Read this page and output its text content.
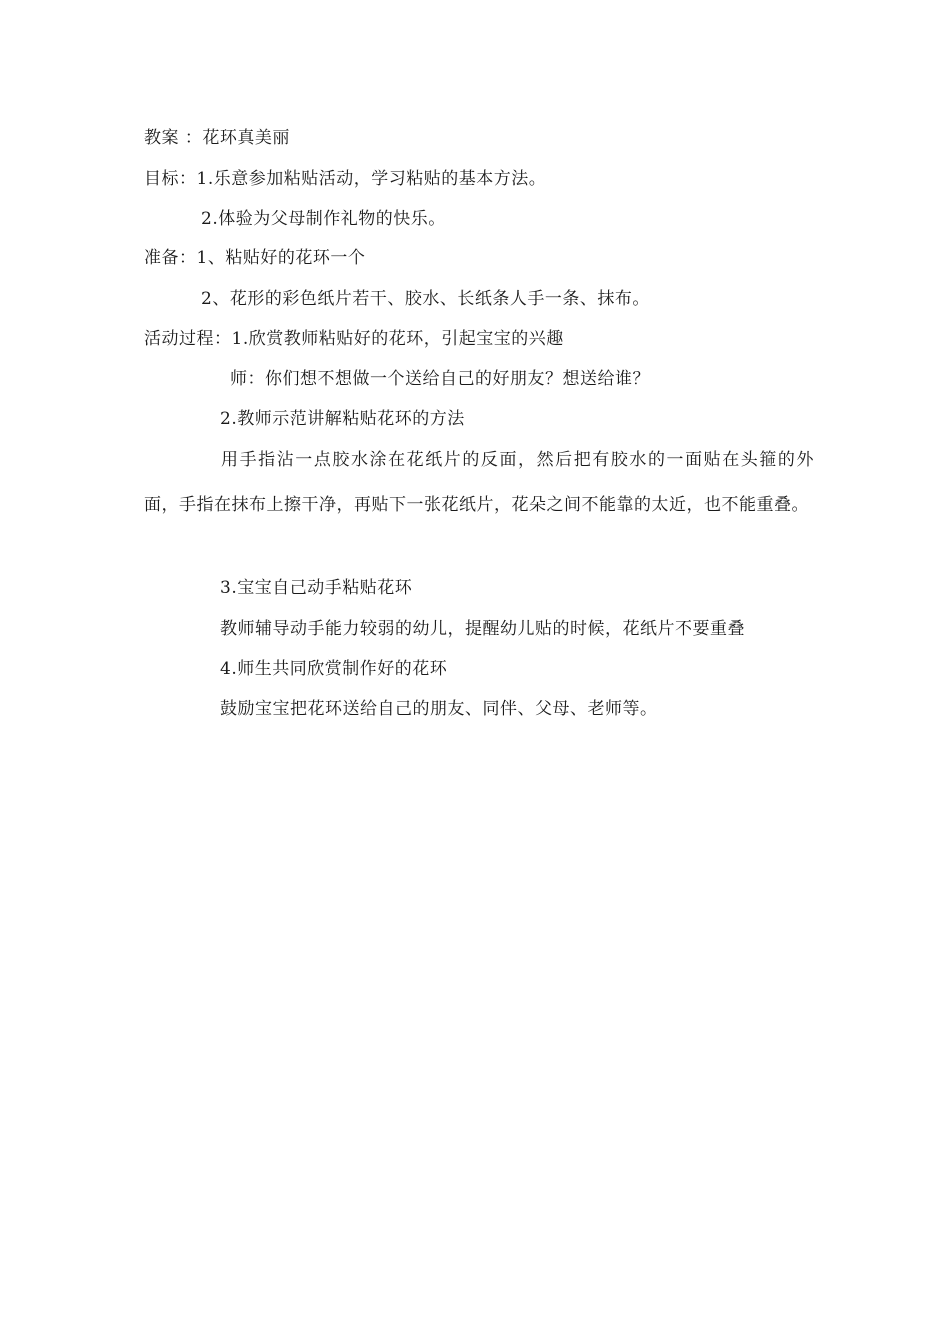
教案 ：花环真美丽
目标：1.乐意参加粘贴活动，学习粘贴的基本方法。
2.体验为父母制作礼物的快乐。
准备：1、粘贴好的花环一个
2、花形的彩色纸片若干、胶水、长纸条人手一条、抹布。
活动过程：1.欣赏教师粘贴好的花环，引起宝宝的兴趣
师：你们想不想做一个送给自己的好朋友？想送给谁？
2.教师示范讲解粘贴花环的方法
用手指沾一点胶水涂在花纸片的反面，然后把有胶水的一面贴在头箍的外面，手指在抹布上擦干净，再贴下一张花纸片，花朵之间不能靠的太近，也不能重叠。
3.宝宝自己动手粘贴花环
教师辅导动手能力较弱的幼儿，提醒幼儿贴的时候，花纸片不要重叠
4.师生共同欣赏制作好的花环
鼓励宝宝把花环送给自己的朋友、同伴、父母、老师等。
